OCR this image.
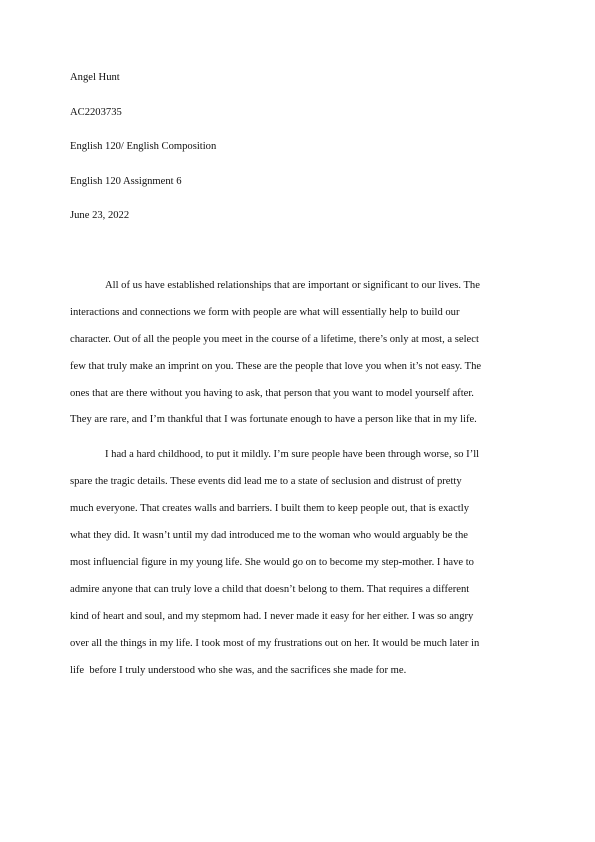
Angel Hunt
AC2203735
English 120/ English Composition
English 120 Assignment 6
June 23, 2022
All of us have established relationships that are important or significant to our lives. The
interactions and connections we form with people are what will essentially help to build our
character. Out of all the people you meet in the course of a lifetime, there’s only at most, a select
few that truly make an imprint on you. These are the people that love you when it’s not easy. The
ones that are there without you having to ask, that person that you want to model yourself after.
They are rare, and I’m thankful that I was fortunate enough to have a person like that in my life.
I had a hard childhood, to put it mildly. I’m sure people have been through worse, so I’ll
spare the tragic details. These events did lead me to a state of seclusion and distrust of pretty
much everyone. That creates walls and barriers. I built them to keep people out, that is exactly
what they did. It wasn’t until my dad introduced me to the woman who would arguably be the
most influencial figure in my young life. She would go on to become my step-mother. I have to
admire anyone that can truly love a child that doesn’t belong to them. That requires a different
kind of heart and soul, and my stepmom had. I never made it easy for her either. I was so angry
over all the things in my life. I took most of my frustrations out on her. It would be much later in
life  before I truly understood who she was, and the sacrifices she made for me.
